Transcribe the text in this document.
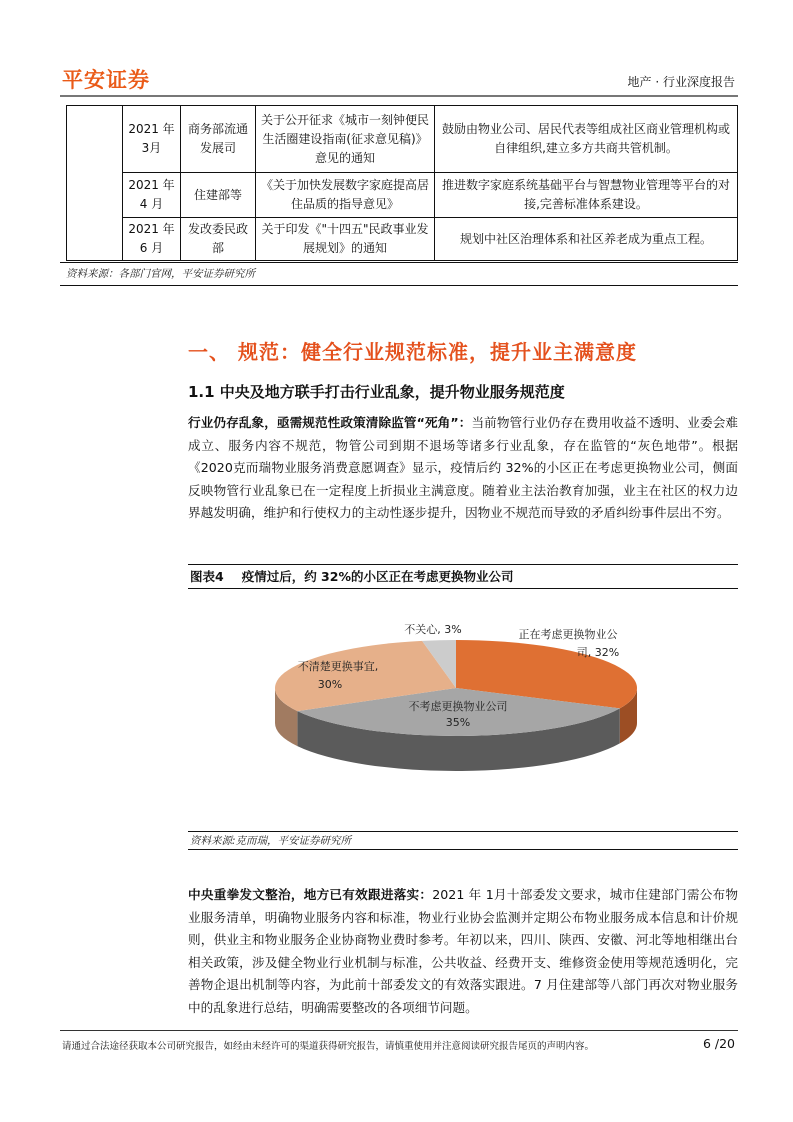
平安证券	地产 · 行业深度报告
	2021 年 3月	商务部流通发展司	关于公开征求《城市一刻钟便民生活圈建设指南(征求意见稿)》意见的通知	鼓励由物业公司、居民代表等组成社区商业管理机构或自律组织,建立多方共商共管机制。
	2021 年 4 月	住建部等	《关于加快发展数字家庭提高居住品质的指导意见》	推进数字家庭系统基础平台与智慧物业管理等平台的对接,完善标准体系建设。
	2021 年 6 月	发改委民政部	关于印发《"十四五"民政事业发展规划》的通知	规划中社区治理体系和社区养老成为重点工程。
资料来源：各部门官网，平安证券研究所
一、 规范：健全行业规范标准，提升业主满意度
1.1 中央及地方联手打击行业乱象，提升物业服务规范度
行业仍存乱象，亟需规范性政策清除监管“死角”：当前物管行业仍存在费用收益不透明、业委会难成立、服务内容不规范，物管公司到期不退场等诸多行业乱象，存在监管的“灰色地带”。根据《2020克而瑞物业服务消费意愿调查》显示，疫情后约 32%的小区正在考虑更换物业公司，侧面反映物管行业乱象已在一定程度上折损业主满意度。随着业主法治教育加强，业主在社区的权力边界越发明确，维护和行使权力的主动性逐步提升，因物业不规范而导致的矛盾纠纷事件层出不穷。
图表4 疫情过后，约 32%的小区正在考虑更换物业公司
正在考虑更换物业公
司, 32%
不考虑更换物业公司
35%
不清楚更换事宜,
30%
不关心, 3%
资料来源:克而瑞，平安证券研究所
中央重拳发文整治，地方已有效跟进落实：2021 年 1月十部委发文要求，城市住建部门需公布物业服务清单，明确物业服务内容和标准，物业行业协会监测并定期公布物业服务成本信息和计价规则，供业主和物业服务企业协商物业费时参考。年初以来，四川、陕西、安徽、河北等地相继出台相关政策，涉及健全物业行业机制与标准，公共收益、经费开支、维修资金使用等规范透明化，完善物企退出机制等内容，为此前十部委发文的有效落实跟进。7 月住建部等八部门再次对物业服务中的乱象进行总结，明确需要整改的各项细节问题。
请通过合法途径获取本公司研究报告，如经由未经许可的渠道获得研究报告，请慎重使用并注意阅读研究报告尾页的声明内容。	6 /20
